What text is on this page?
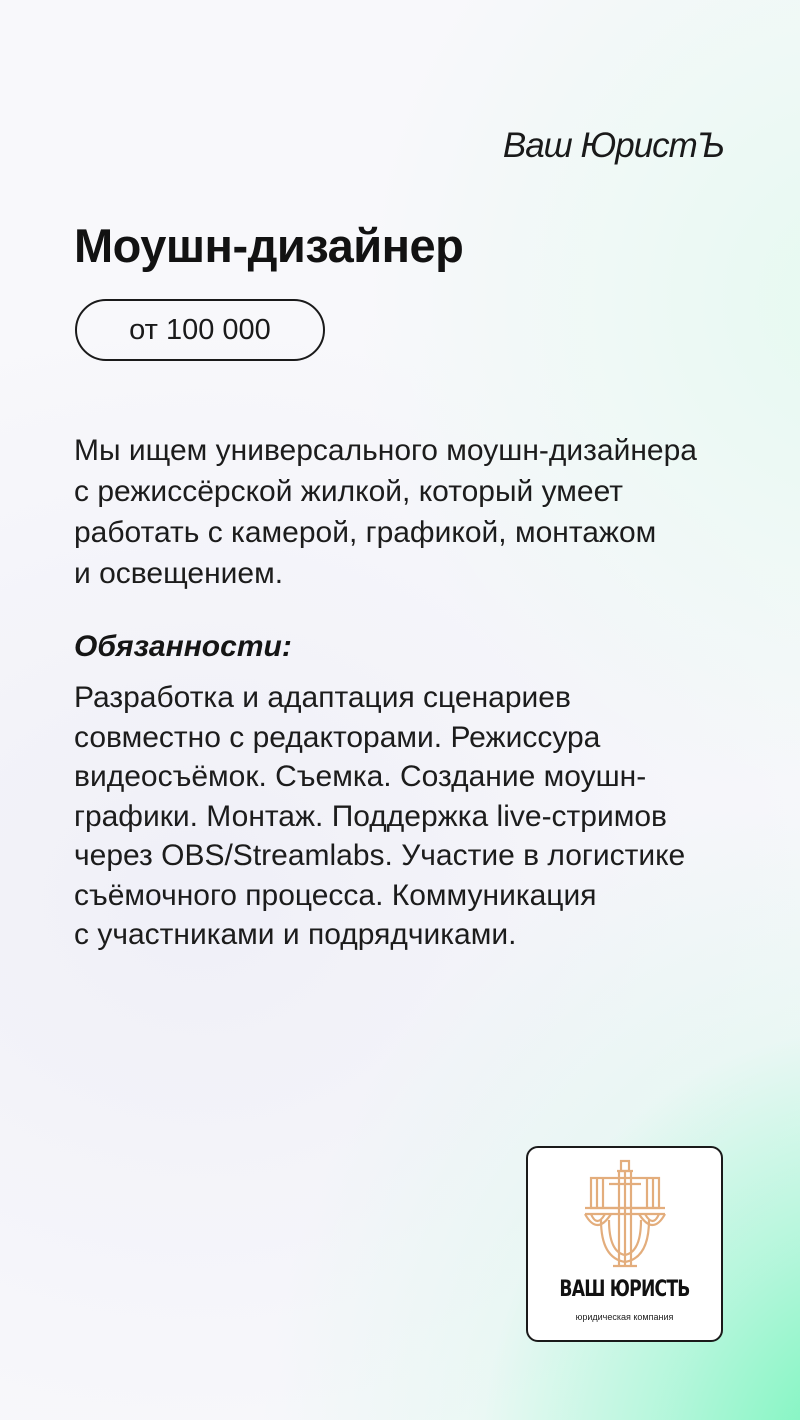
Ваш ЮристЪ
Моушн-дизайнер
от 100 000

Мы ищем универсального моушн-дизайнера
с режиссёрской жилкой, который умеет
работать с камерой, графикой, монтажом
и освещением.

Обязанности:

Разработка и адаптация сценариев
совместно с редакторами. Режиссура
видеосъёмок. Съемка. Создание моушн-
графики. Монтаж. Поддержка live-стримов
через OBS/Streamlabs. Участие в логистике
съёмочного процесса. Коммуникация
с участниками и подрядчиками.

ВАШ ЮРИСТЬ
юридическая компания
